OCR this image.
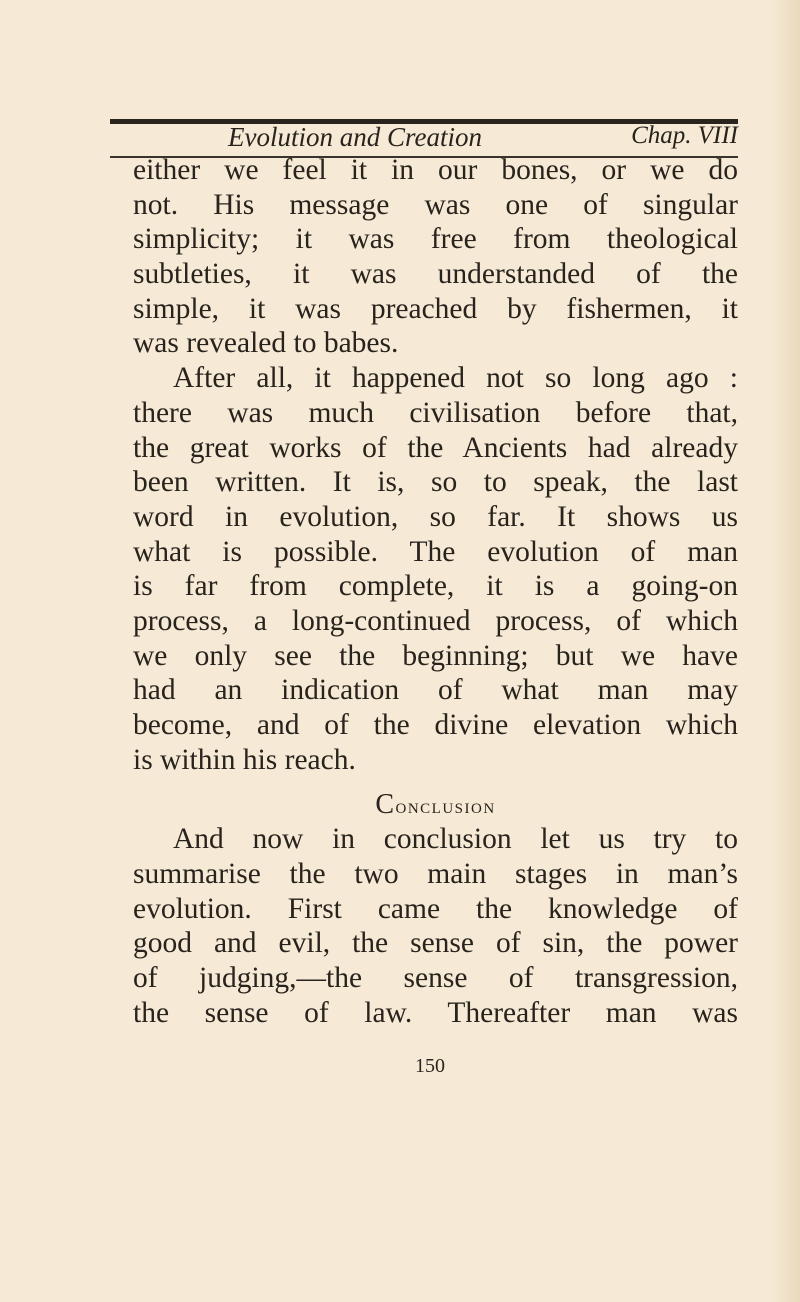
Evolution and Creation	Chap. VIII
either we feel it in our bones, or we do
not. His message was one of singular
simplicity; it was free from theological
subtleties, it was understanded of the
simple, it was preached by fishermen, it
was revealed to babes.
After all, it happened not so long ago :
there was much civilisation before that,
the great works of the Ancients had already
been written. It is, so to speak, the last
word in evolution, so far. It shows us
what is possible. The evolution of man
is far from complete, it is a going-on
process, a long-continued process, of which
we only see the beginning; but we have
had an indication of what man may
become, and of the divine elevation which
is within his reach.
Conclusion
And now in conclusion let us try to
summarise the two main stages in man’s
evolution. First came the knowledge of
good and evil, the sense of sin, the power
of judging,—the sense of transgression,
the sense of law. Thereafter man was
150
